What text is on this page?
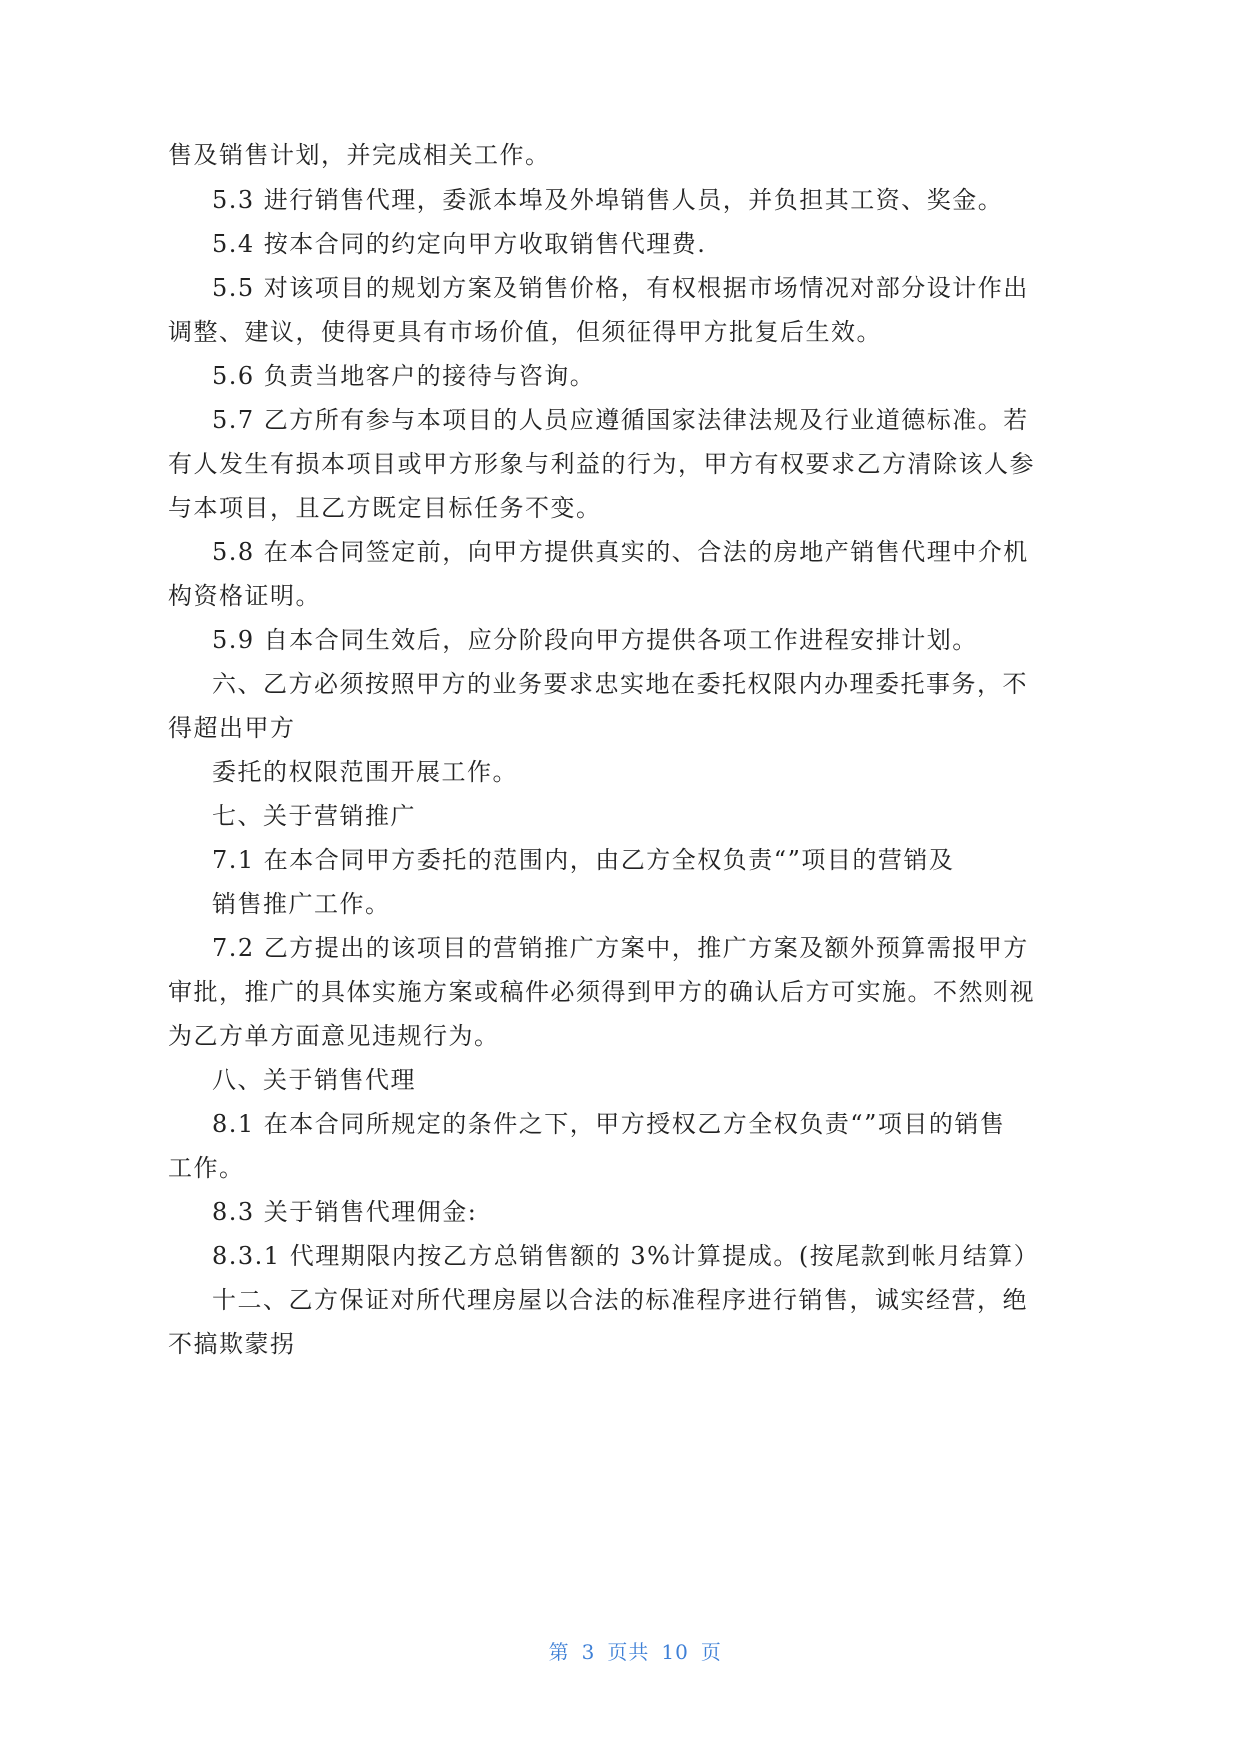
售及销售计划，并完成相关工作。

5.3 进行销售代理，委派本埠及外埠销售人员，并负担其工资、奖金。

5.4 按本合同的约定向甲方收取销售代理费.

5.5 对该项目的规划方案及销售价格，有权根据市场情况对部分设计作出

调整、建议，使得更具有市场价值，但须征得甲方批复后生效。

5.6 负责当地客户的接待与咨询。

5.7 乙方所有参与本项目的人员应遵循国家法律法规及行业道德标准。若

有人发生有损本项目或甲方形象与利益的行为，甲方有权要求乙方清除该人参

与本项目，且乙方既定目标任务不变。

5.8 在本合同签定前，向甲方提供真实的、合法的房地产销售代理中介机

构资格证明。

5.9 自本合同生效后，应分阶段向甲方提供各项工作进程安排计划。

六、乙方必须按照甲方的业务要求忠实地在委托权限内办理委托事务，不

得超出甲方

委托的权限范围开展工作。

七、关于营销推广

7.1 在本合同甲方委托的范围内，由乙方全权负责“”项目的营销及

销售推广工作。

7.2 乙方提出的该项目的营销推广方案中，推广方案及额外预算需报甲方

审批，推广的具体实施方案或稿件必须得到甲方的确认后方可实施。不然则视

为乙方单方面意见违规行为。

八、关于销售代理

8.1 在本合同所规定的条件之下，甲方授权乙方全权负责“”项目的销售

工作。

8.3 关于销售代理佣金:

8.3.1 代理期限内按乙方总销售额的 3%计算提成。(按尾款到帐月结算）

十二、乙方保证对所代理房屋以合法的标准程序进行销售，诚实经营，绝

不搞欺蒙拐

第 3 页共 10 页
